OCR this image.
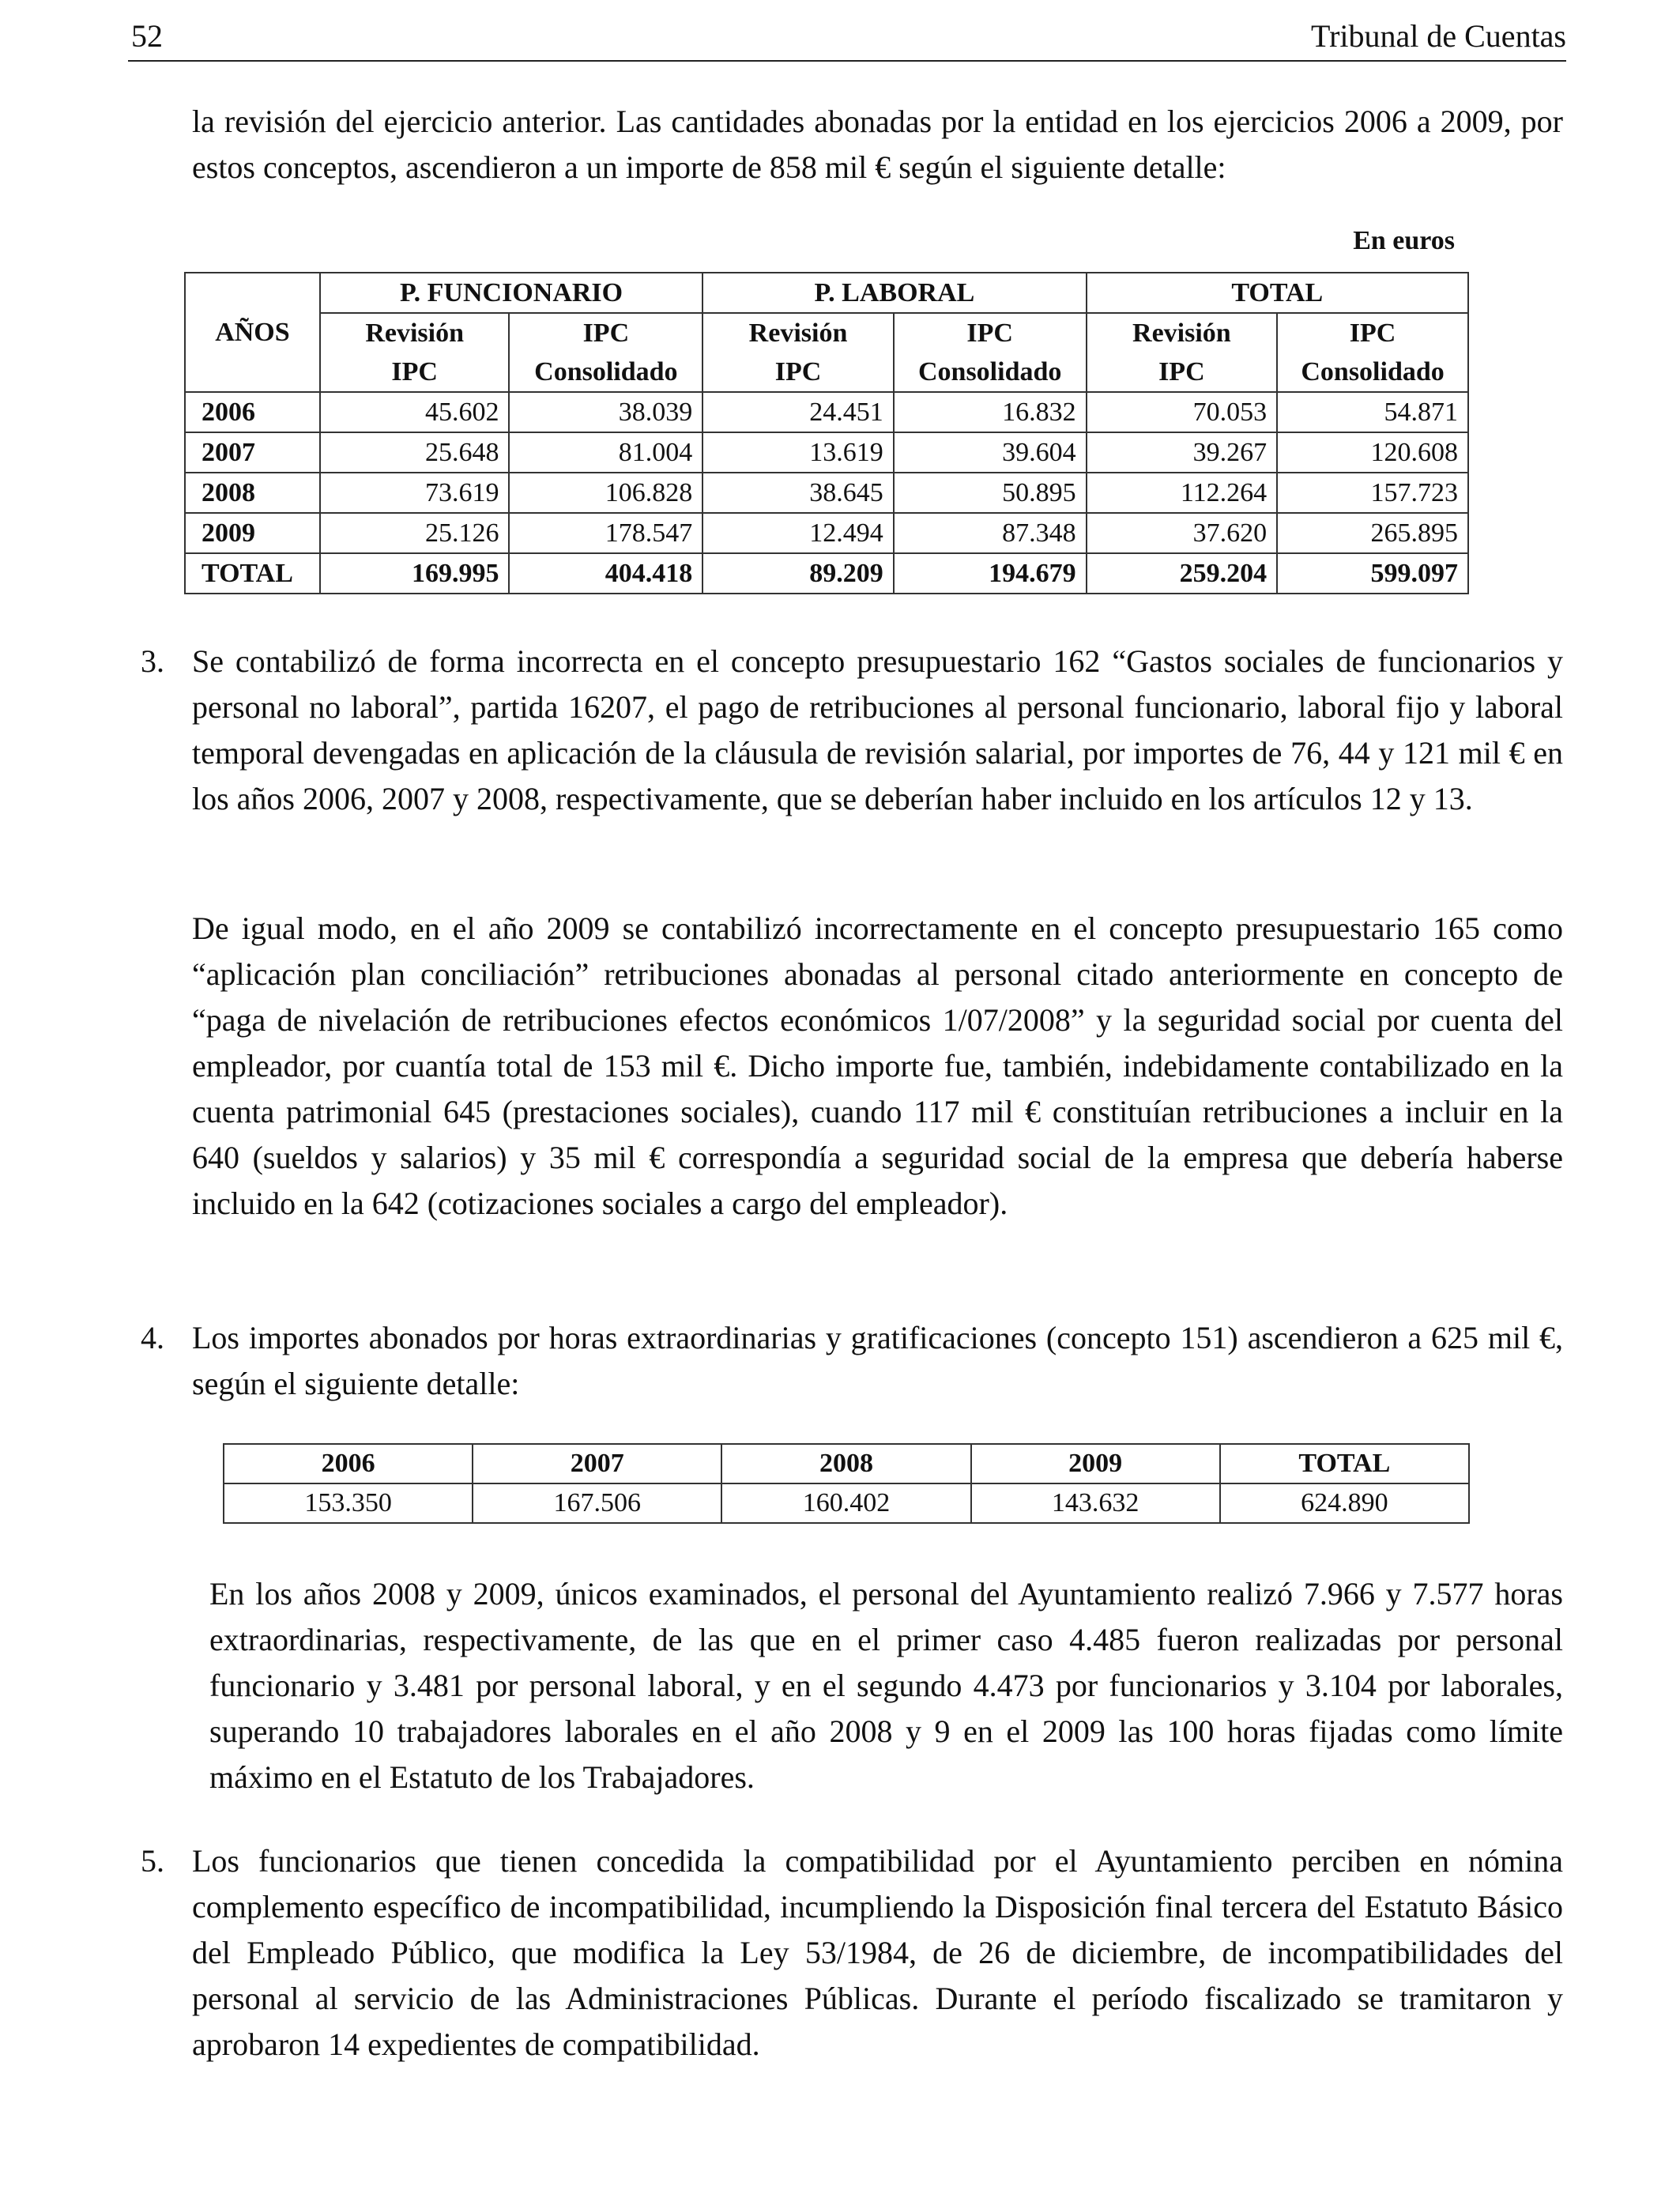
52	Tribunal de Cuentas
la revisión del ejercicio anterior. Las cantidades abonadas por la entidad en los ejercicios 2006 a 2009, por estos conceptos, ascendieron a un importe de 858 mil € según el siguiente detalle:
En euros
	P. FUNCIONARIO		P. LABORAL		TOTAL	
AÑOS	Revisión	IPC	Revisión	IPC	Revisión	IPC
	IPC	Consolidado	IPC	Consolidado	IPC	Consolidado
2006	45.602	38.039	24.451	16.832	70.053	54.871
2007	25.648	81.004	13.619	39.604	39.267	120.608
2008	73.619	106.828	38.645	50.895	112.264	157.723
2009	25.126	178.547	12.494	87.348	37.620	265.895
TOTAL	169.995	404.418	89.209	194.679	259.204	599.097
3. Se contabilizó de forma incorrecta en el concepto presupuestario 162 “Gastos sociales de funcionarios y personal no laboral”, partida 16207, el pago de retribuciones al personal funcionario, laboral fijo y laboral temporal devengadas en aplicación de la cláusula de revisión salarial, por importes de 76, 44 y 121 mil € en los años 2006, 2007 y 2008, respectivamente, que se deberían haber incluido en los artículos 12 y 13.
De igual modo, en el año 2009 se contabilizó incorrectamente en el concepto presupuestario 165 como “aplicación plan conciliación” retribuciones abonadas al personal citado anteriormente en concepto de “paga de nivelación de retribuciones efectos económicos 1/07/2008” y la seguridad social por cuenta del empleador, por cuantía total de 153 mil €. Dicho importe fue, también, indebidamente contabilizado en la cuenta patrimonial 645 (prestaciones sociales), cuando 117 mil € constituían retribuciones a incluir en la 640 (sueldos y salarios) y 35 mil € correspondía a seguridad social de la empresa que debería haberse incluido en la 642 (cotizaciones sociales a cargo del empleador).
4. Los importes abonados por horas extraordinarias y gratificaciones (concepto 151) ascendieron a 625 mil €, según el siguiente detalle:
2006	2007	2008	2009	TOTAL
153.350	167.506	160.402	143.632	624.890
En los años 2008 y 2009, únicos examinados, el personal del Ayuntamiento realizó 7.966 y 7.577 horas extraordinarias, respectivamente, de las que en el primer caso 4.485 fueron realizadas por personal funcionario y 3.481 por personal laboral, y en el segundo 4.473 por funcionarios y 3.104 por laborales, superando 10 trabajadores laborales en el año 2008 y 9 en el 2009 las 100 horas fijadas como límite máximo en el Estatuto de los Trabajadores.
5. Los funcionarios que tienen concedida la compatibilidad por el Ayuntamiento perciben en nómina complemento específico de incompatibilidad, incumpliendo la Disposición final tercera del Estatuto Básico del Empleado Público, que modifica la Ley 53/1984, de 26 de diciembre, de incompatibilidades del personal al servicio de las Administraciones Públicas. Durante el período fiscalizado se tramitaron y aprobaron 14 expedientes de compatibilidad.
